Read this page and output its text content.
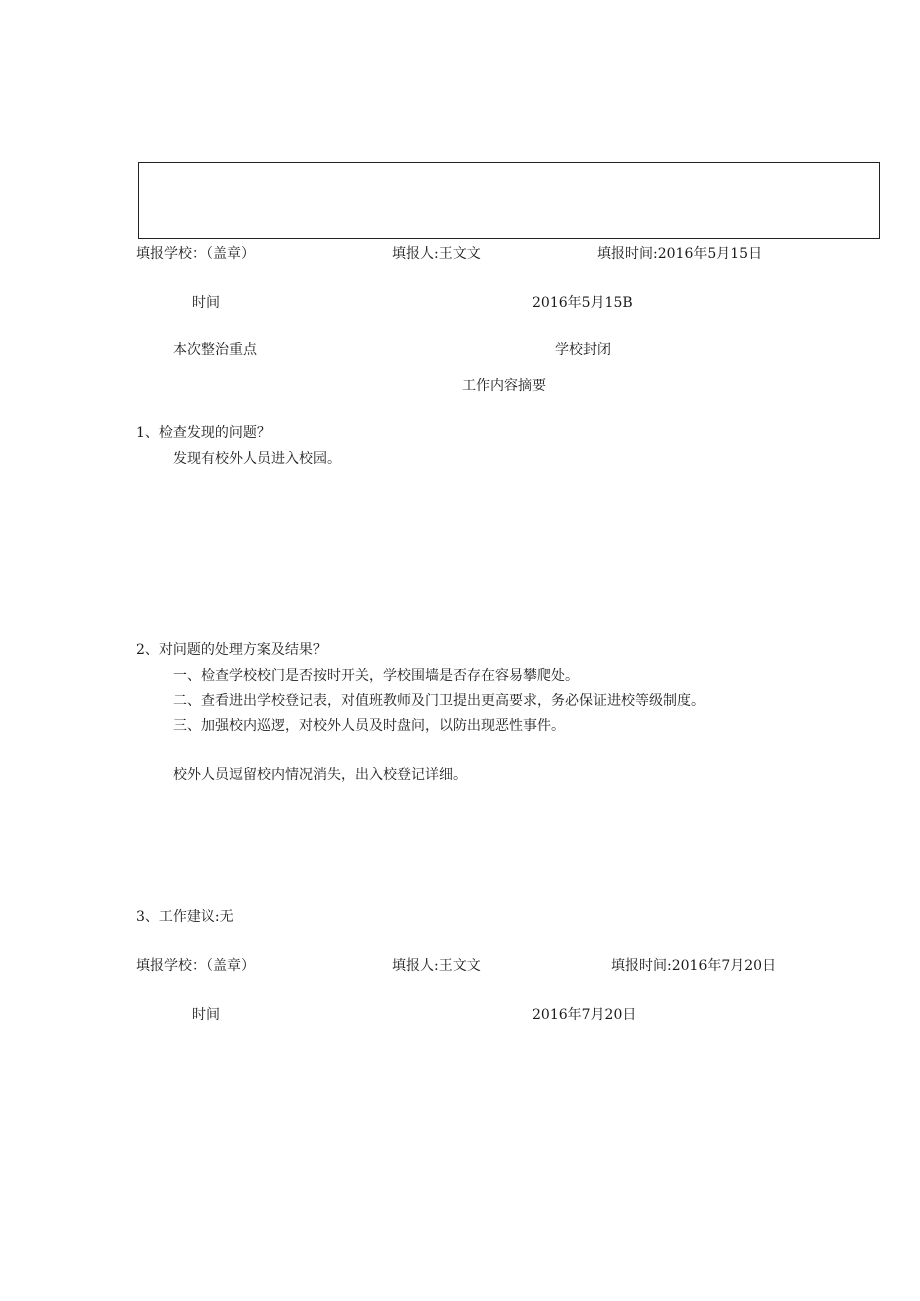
填报学校：（盖章）	填报人:王文文	填报时间:2016年5月15日
时间	2016年5月15B
本次整治重点	学校封闭
工作内容摘要
1、检查发现的问题？
发现有校外人员进入校园。
2、对问题的处理方案及结果？
一、检查学校校门是否按时开关，学校围墙是否存在容易攀爬处。
二、查看进出学校登记表，对值班教师及门卫提出更高要求，务必保证进校等级制度。
三、加强校内巡逻，对校外人员及时盘问，以防出现恶性事件。
校外人员逗留校内情况消失，出入校登记详细。
3、工作建议:无
填报学校：（盖章）	填报人:王文文	填报时间:2016年7月20日
时间	2016年7月20日
